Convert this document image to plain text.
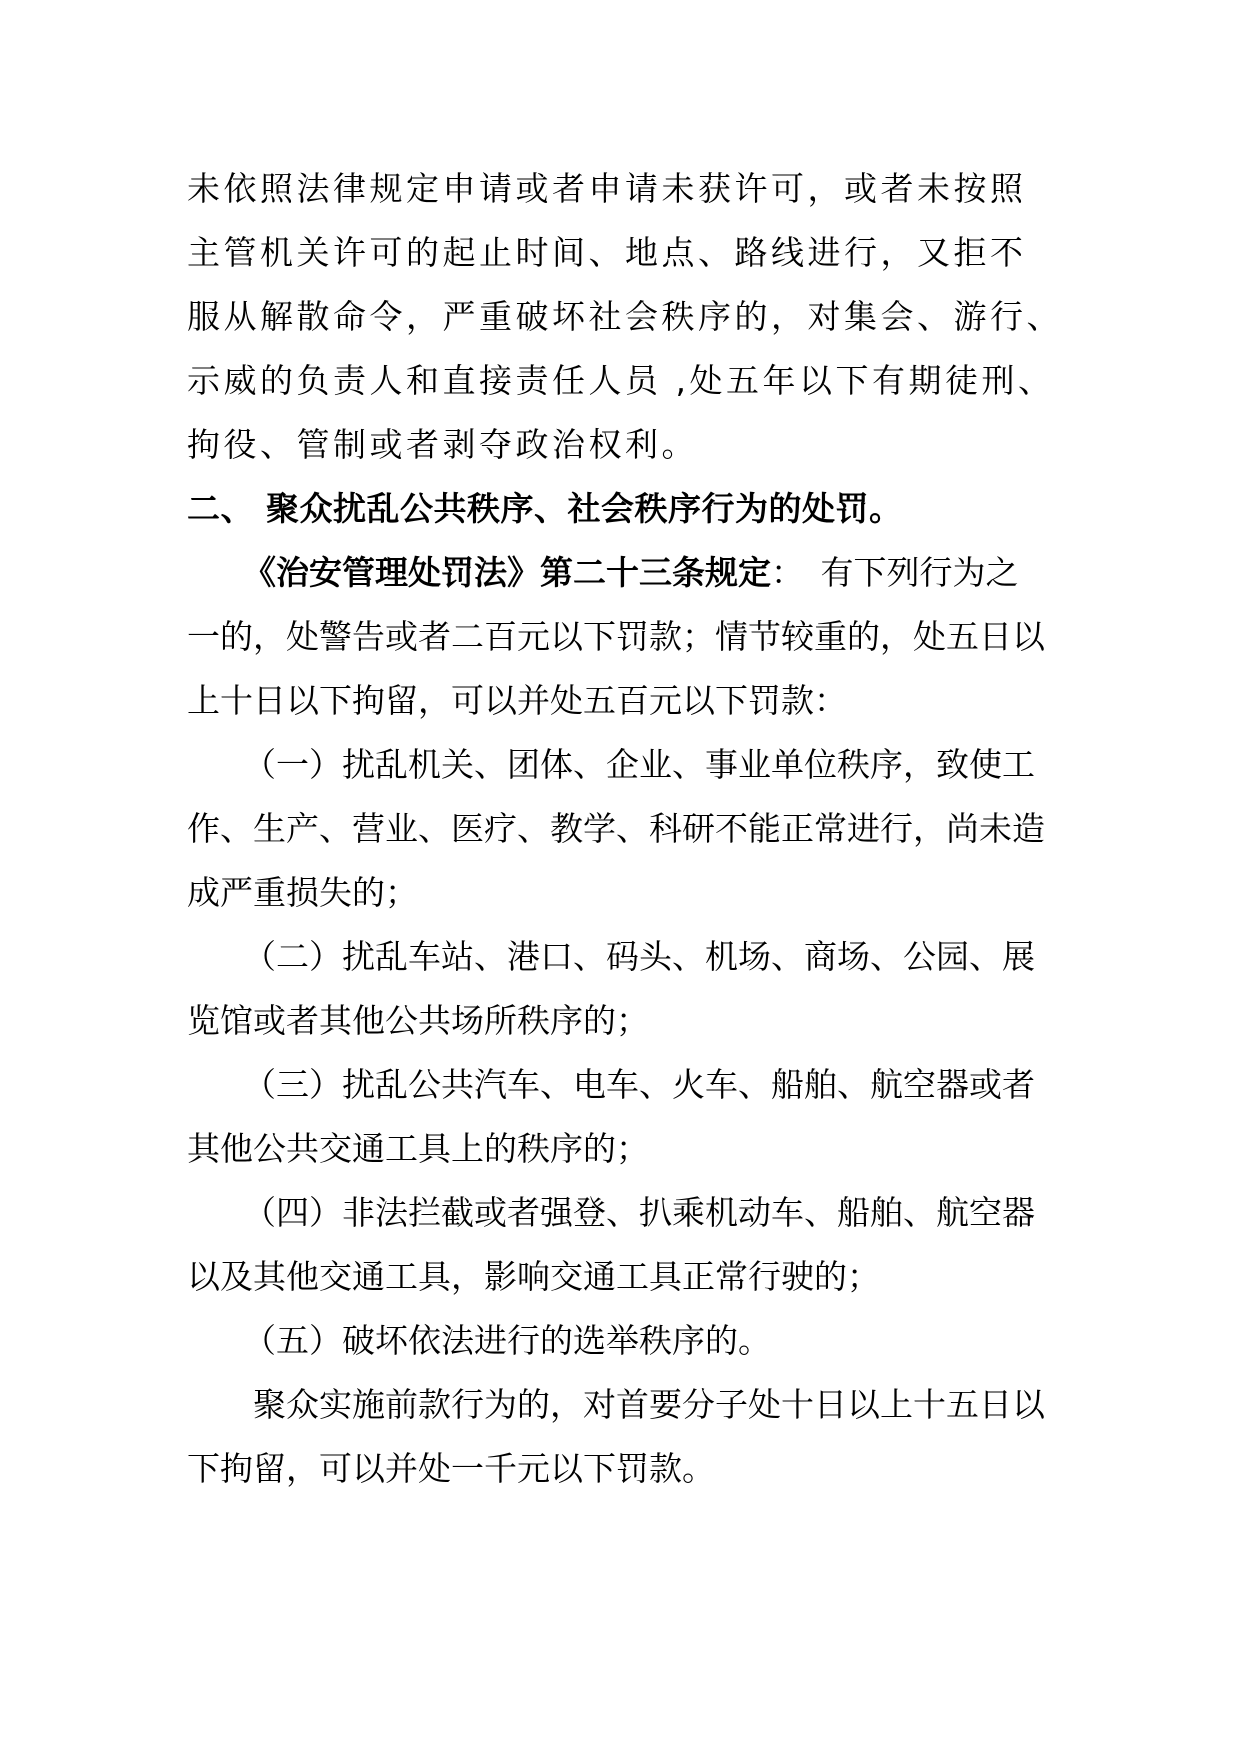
未依照法律规定申请或者申请未获许可，或者未按照
主管机关许可的起止时间、地点、路线进行，又拒不
服从解散命令，严重破坏社会秩序的，对集会、游行、
示威的负责人和直接责任人员 ,处五年以下有期徒刑、
拘役、管制或者剥夺政治权利。
二、 聚众扰乱公共秩序、社会秩序行为的处罚。
《治安管理处罚法》第二十三条规定：　有下列行为之
一的，处警告或者二百元以下罚款；情节较重的，处五日以
上十日以下拘留，可以并处五百元以下罚款：
（一）扰乱机关、团体、企业、事业单位秩序，致使工
作、生产、营业、医疗、教学、科研不能正常进行，尚未造
成严重损失的；
（二）扰乱车站、港口、码头、机场、商场、公园、展
览馆或者其他公共场所秩序的；
（三）扰乱公共汽车、电车、火车、船舶、航空器或者
其他公共交通工具上的秩序的；
（四）非法拦截或者强登、扒乘机动车、船舶、航空器
以及其他交通工具，影响交通工具正常行驶的；
（五）破坏依法进行的选举秩序的。
聚众实施前款行为的，对首要分子处十日以上十五日以
下拘留，可以并处一千元以下罚款。
